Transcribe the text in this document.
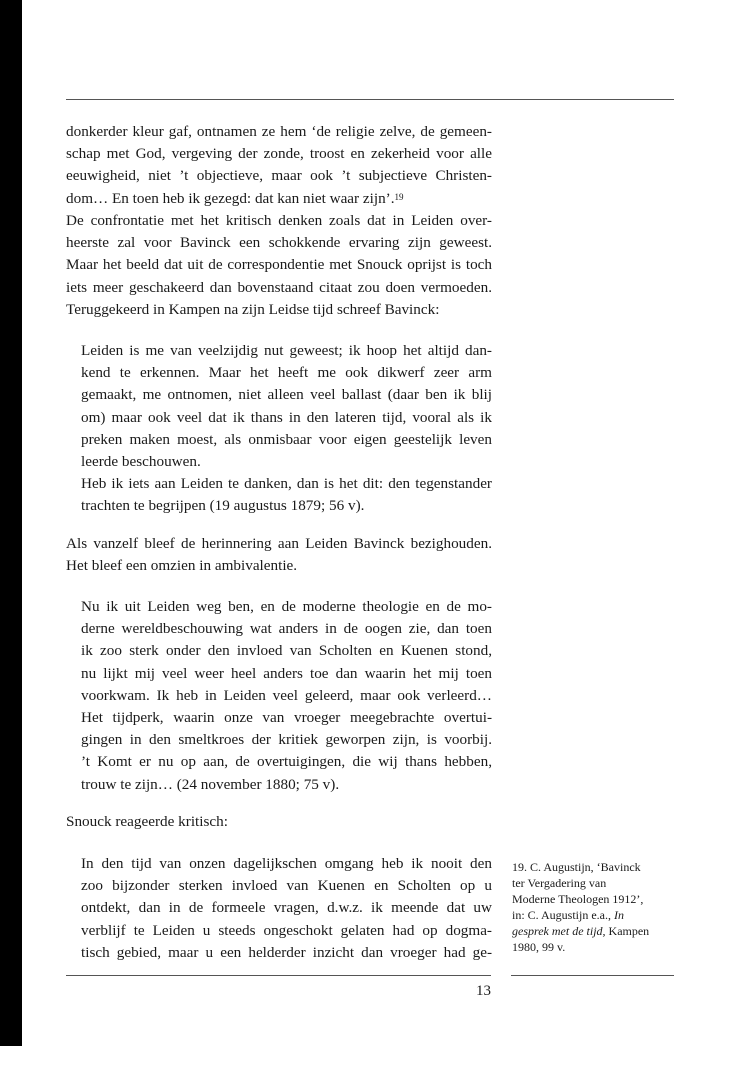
donkerder kleur gaf, ontnamen ze hem ‘de religie zelve, de gemeen-
schap met God, vergeving der zonde, troost en zekerheid voor alle
eeuwigheid, niet ’t objectieve, maar ook ’t subjectieve Christen-
dom… En toen heb ik gezegd: dat kan niet waar zijn’.$^{19}$
De confrontatie met het kritisch denken zoals dat in Leiden over-
heerste zal voor Bavinck een schokkende ervaring zijn geweest.
Maar het beeld dat uit de correspondentie met Snouck oprijst is toch
iets meer geschakeerd dan bovenstaand citaat zou doen vermoeden.
Teruggekeerd in Kampen na zijn Leidse tijd schreef Bavinck:
Leiden is me van veelzijdig nut geweest; ik hoop het altijd dan-
kend te erkennen. Maar het heeft me ook dikwerf zeer arm
gemaakt, me ontnomen, niet alleen veel ballast (daar ben ik blij
om) maar ook veel dat ik thans in den lateren tijd, vooral als ik
preken maken moest, als onmisbaar voor eigen geestelijk leven
leerde beschouwen.
Heb ik iets aan Leiden te danken, dan is het dit: den tegenstander
trachten te begrijpen (19 augustus 1879; 56 v).
Als vanzelf bleef de herinnering aan Leiden Bavinck bezighouden.
Het bleef een omzien in ambivalentie.
Nu ik uit Leiden weg ben, en de moderne theologie en de mo-
derne wereldbeschouwing wat anders in de oogen zie, dan toen
ik zoo sterk onder den invloed van Scholten en Kuenen stond,
nu lijkt mij veel weer heel anders toe dan waarin het mij toen
voorkwam. Ik heb in Leiden veel geleerd, maar ook verleerd…
Het tijdperk, waarin onze van vroeger meegebrachte overtui-
gingen in den smeltkroes der kritiek geworpen zijn, is voorbij.
’t Komt er nu op aan, de overtuigingen, die wij thans hebben,
trouw te zijn… (24 november 1880; 75 v).
Snouck reageerde kritisch:
In den tijd van onzen dagelijkschen omgang heb ik nooit den
zoo bijzonder sterken invloed van Kuenen en Scholten op u
ontdekt, dan in de formeele vragen, d.w.z. ik meende dat uw
verblijf te Leiden u steeds ongeschokt gelaten had op dogma-
tisch gebied, maar u een helderder inzicht dan vroeger had ge-
19. C. Augustijn, ‘Bavinck
ter Vergadering van
Moderne Theologen 1912’,
in: C. Augustijn e.a., In
gesprek met de tijd, Kampen
1980, 99 v.
13
